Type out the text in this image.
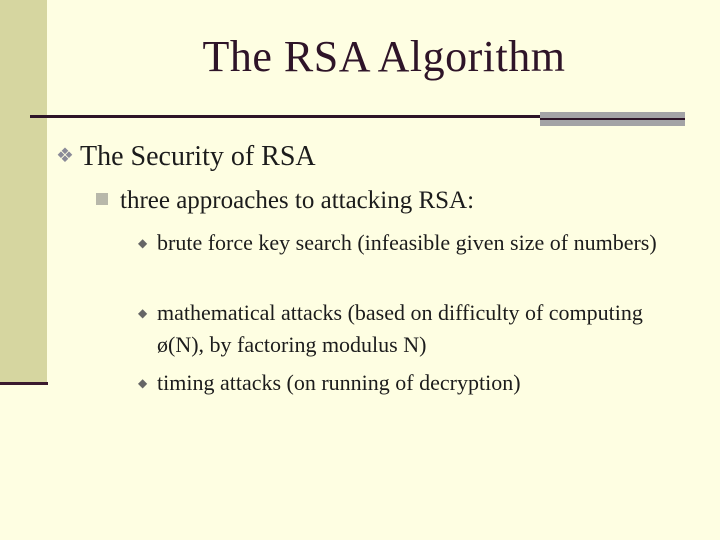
The RSA Algorithm
❖ The Security of RSA
three approaches to attacking RSA:
◆ brute force key search (infeasible given size of numbers)
◆ mathematical attacks (based on difficulty of computing ø(N), by factoring modulus N)
◆ timing attacks (on running of decryption)
